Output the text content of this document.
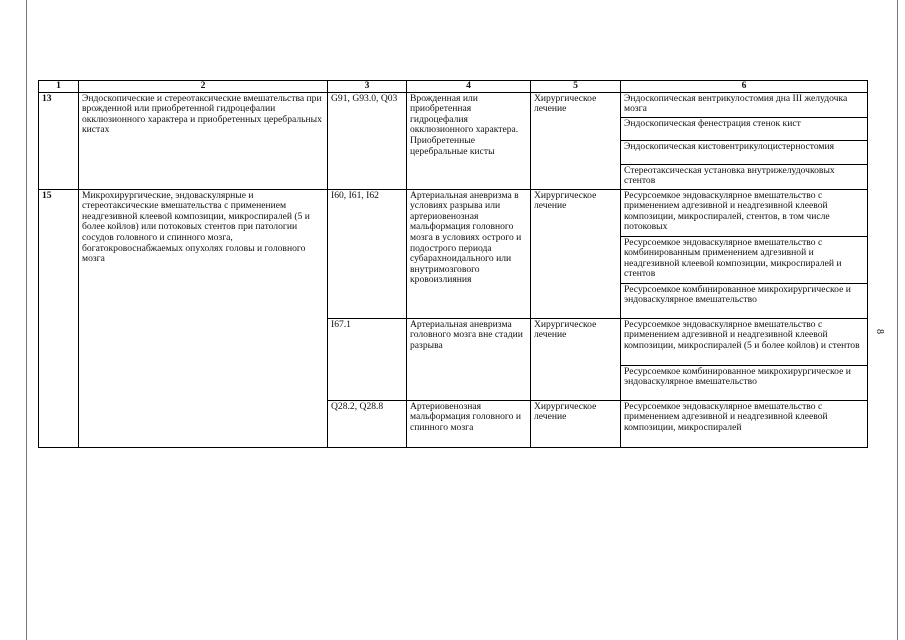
8
1	2	3	4	5	6
13	Эндоскопические и стереотаксические вмешательства при врожденной или приобретенной гидроцефалии окклюзионного характера и приобретенных церебральных кистах	G91, G93.0, Q03	Врожденная или приобретенная гидроцефалия окклюзионного характера. Приобретенные церебральные кисты	Хирургическое лечение	Эндоскопическая вентрикулостомия дна III желудочка мозга
					Эндоскопическая фенестрация стенок кист
					Эндоскопическая кистовентрикулоцистерностомия
					Стереотаксическая установка внутрижелудочковых стентов
15	Микрохирургические, эндоваскулярные и стереотаксические вмешательства с применением неадгезивной клеевой композиции, микроспиралей (5 и более койлов) или потоковых стентов при патологии сосудов головного и спинного мозга, богатокровоснабжаемых опухолях головы и головного мозга	I60, I61, I62	Артериальная аневризма в условиях разрыва или артериовенозная мальформация головного мозга в условиях острого и подострого периода субарахноидального или внутримозгового кровоизлияния	Хирургическое лечение	Ресурсоемкое эндоваскулярное вмешательство с применением адгезивной и неадгезивной клеевой композиции, микроспиралей, стентов, в том числе потоковых
					Ресурсоемкое эндоваскулярное вмешательство с комбинированным применением адгезивной и неадгезивной клеевой композиции, микроспиралей и стентов
					Ресурсоемкое комбинированное микрохирургическое и эндоваскулярное вмешательство
		I67.1	Артериальная аневризма головного мозга вне стадии разрыва	Хирургическое лечение	Ресурсоемкое эндоваскулярное вмешательство с применением адгезивной и неадгезивной клеевой композиции, микроспиралей (5 и более койлов) и стентов
					Ресурсоемкое комбинированное микрохирургическое и эндоваскулярное вмешательство
		Q28.2, Q28.8	Артериовенозная мальформация головного и спинного мозга	Хирургическое лечение	Ресурсоемкое эндоваскулярное вмешательство с применением адгезивной и неадгезивной клеевой композиции, микроспиралей
